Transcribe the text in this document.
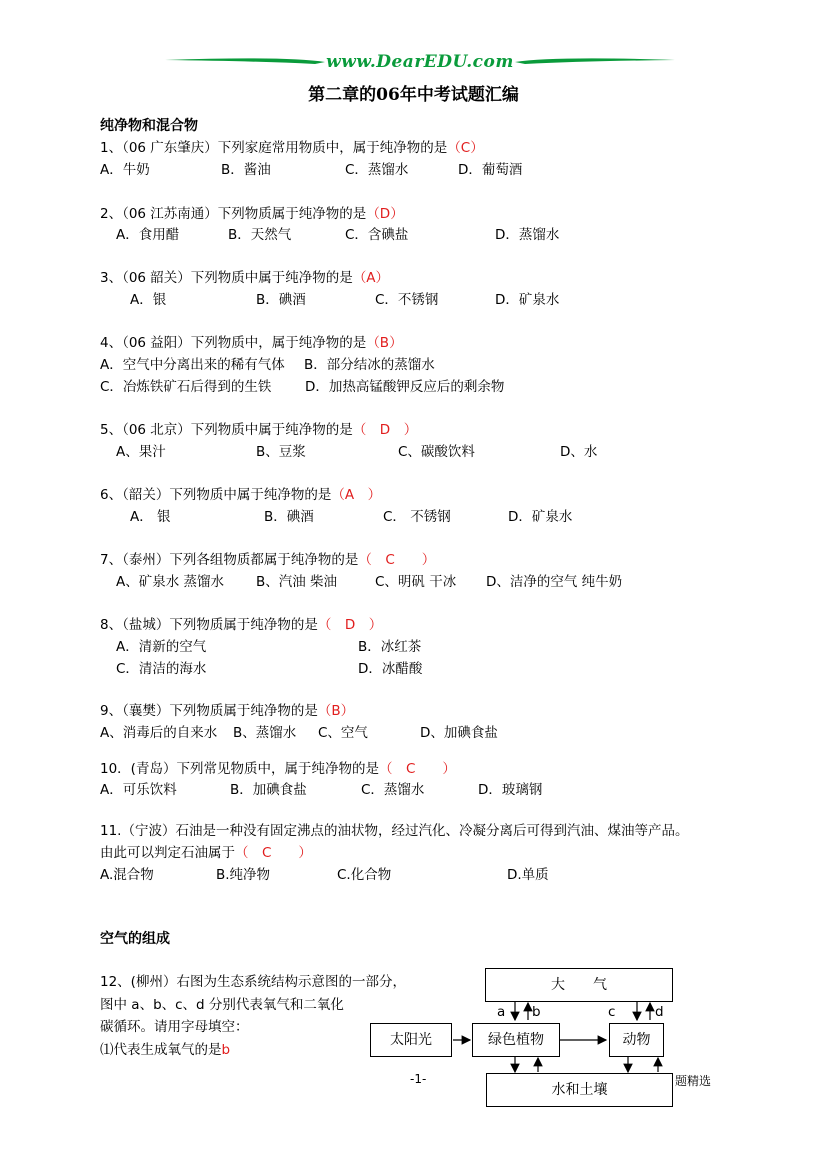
www.DearEDU.com
第二章的06年中考试题汇编
纯净物和混合物
1、（06 广东肇庆）下列家庭常用物质中，属于纯净物的是（C）
A．牛奶	B．酱油	C．蒸馏水	D．葡萄酒
2、（06 江苏南通）下列物质属于纯净物的是（D）
A．食用醋	B．天然气	C．含碘盐	D．蒸馏水
3、（06 韶关）下列物质中属于纯净物的是（A）
A．银	B．碘酒	C．不锈钢	D．矿泉水
4、（06 益阳）下列物质中，属于纯净物的是（B）
A．空气中分离出来的稀有气体 B．部分结冰的蒸馏水
C．冶炼铁矿石后得到的生铁 D．加热高锰酸钾反应后的剩余物
5、（06 北京）下列物质中属于纯净物的是（　D　）
A、果汁	B、豆浆	C、碳酸饮料	D、水
6、（韶关）下列物质中属于纯净物的是（A　）
A． 银	B．碘酒	C． 不锈钢	D．矿泉水
7、（泰州）下列各组物质都属于纯净物的是（　C　　）
A、矿泉水 蒸馏水 B、汽油 柴油	C、明矾 干冰 D、洁净的空气 纯牛奶
8、（盐城）下列物质属于纯净物的是（　D　）
A．清新的空气	B．冰红茶
C．清洁的海水	D．冰醋酸
9、（襄樊）下列物质属于纯净物的是（B）
A、消毒后的自来水 B、蒸馏水 C、空气	D、加碘食盐
10．(青岛）下列常见物质中，属于纯净物的是（　C　　）
A．可乐饮料	B．加碘食盐	C．蒸馏水	D．玻璃钢
11.（宁波）石油是一种没有固定沸点的油状物，经过汽化、冷凝分离后可得到汽油、煤油等产品。
由此可以判定石油属于（　C　　）
A.混合物	B.纯净物	C.化合物	D.单质
空气的组成
12、(柳州）右图为生态系统结构示意图的一部分，
图中 a、b、c、d 分别代表氧气和二氧化
碳循环。请用字母填空：
⑴代表生成氧气的是b
大　　气
太阳光	绿色植物	动物
水和土壤
a b	c	d
-1-	题精选
